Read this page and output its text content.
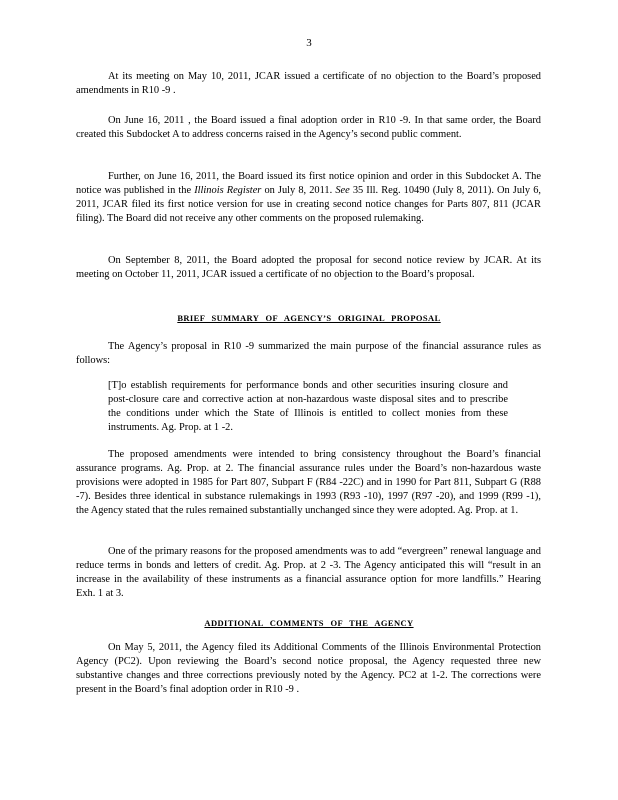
3

At its meeting on May 10, 2011, JCAR issued a certificate of no objection to the Board’s proposed amendments in R10 -9 .

On June 16, 2011 , the Board issued a final adoption order in R10 -9. In that same order, the Board created this Subdocket A to address concerns raised in the Agency’s second public comment.

Further, on June 16, 2011, the Board issued its first notice opinion and order in this Subdocket A. The notice was published in the Illinois Register on July 8, 2011. See 35 Ill. Reg. 10490 (July 8, 2011). On July 6, 2011, JCAR filed its first notice version for use in creating second notice changes for Parts 807, 811 (JCAR filing). The Board did not receive any other comments on the proposed rulemaking.

On September 8, 2011, the Board adopted the proposal for second notice review by JCAR. At its meeting on October 11, 2011, JCAR issued a certificate of no objection to the Board’s proposal.

BRIEF SUMMARY OF AGENCY’S ORIGINAL PROPOSAL

The Agency’s proposal in R10 -9 summarized the main purpose of the financial assurance rules as follows:

[T]o establish requirements for performance bonds and other securities insuring closure and post-closure care and corrective action at non-hazardous waste disposal sites and to prescribe the conditions under which the State of Illinois is entitled to collect monies from these instruments. Ag. Prop. at 1 -2.

The proposed amendments were intended to bring consistency throughout the Board’s financial assurance programs. Ag. Prop. at 2. The financial assurance rules under the Board’s non-hazardous waste provisions were adopted in 1985 for Part 807, Subpart F (R84 -22C) and in 1990 for Part 811, Subpart G (R88 -7). Besides three identical in substance rulemakings in 1993 (R93 -10), 1997 (R97 -20), and 1999 (R99 -1), the Agency stated that the rules remained substantially unchanged since they were adopted. Ag. Prop. at 1.

One of the primary reasons for the proposed amendments was to add “evergreen” renewal language and reduce terms in bonds and letters of credit. Ag. Prop. at 2 -3. The Agency anticipated this will “result in an increase in the availability of these instruments as a financial assurance option for more landfills.” Hearing Exh. 1 at 3.

ADDITIONAL COMMENTS OF THE AGENCY

On May 5, 2011, the Agency filed its Additional Comments of the Illinois Environmental Protection Agency (PC2). Upon reviewing the Board’s second notice proposal, the Agency requested three new substantive changes and three corrections previously noted by the Agency. PC2 at 1-2. The corrections were present in the Board’s final adoption order in R10 -9 .
